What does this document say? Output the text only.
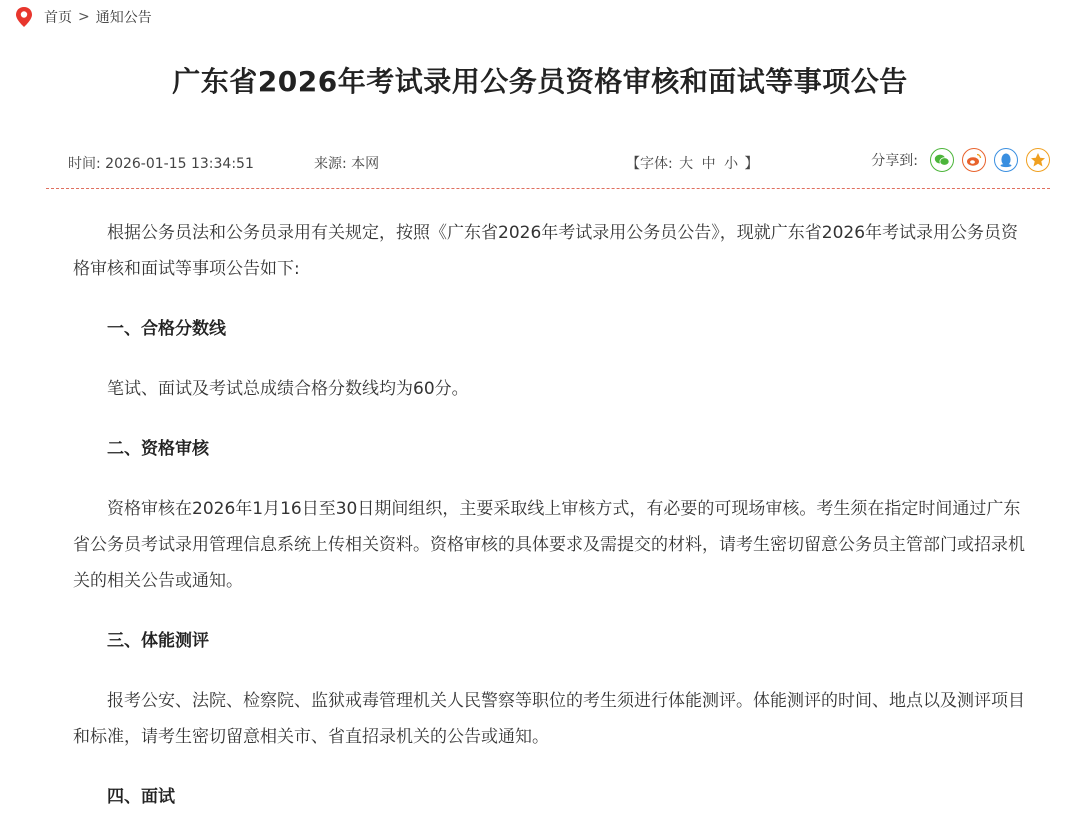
首页 > 通知公告
广东省2026年考试录用公务员资格审核和面试等事项公告
时间: 2026-01-15 13:34:51	来源: 本网	【字体: 大 中 小 】	分享到:

根据公务员法和公务员录用有关规定，按照《广东省2026年考试录用公务员公告》，现就广东省2026年考试录用公务员资格审核和面试等事项公告如下:

一、合格分数线

笔试、面试及考试总成绩合格分数线均为60分。

二、资格审核

资格审核在2026年1月16日至30日期间组织，主要采取线上审核方式，有必要的可现场审核。考生须在指定时间通过广东省公务员考试录用管理信息系统上传相关资料。资格审核的具体要求及需提交的材料，请考生密切留意公务员主管部门或招录机关的相关公告或通知。

三、体能测评

报考公安、法院、检察院、监狱戒毒管理机关人民警察等职位的考生须进行体能测评。体能测评的时间、地点以及测评项目和标准，请考生密切留意相关市、省直招录机关的公告或通知。

四、面试
